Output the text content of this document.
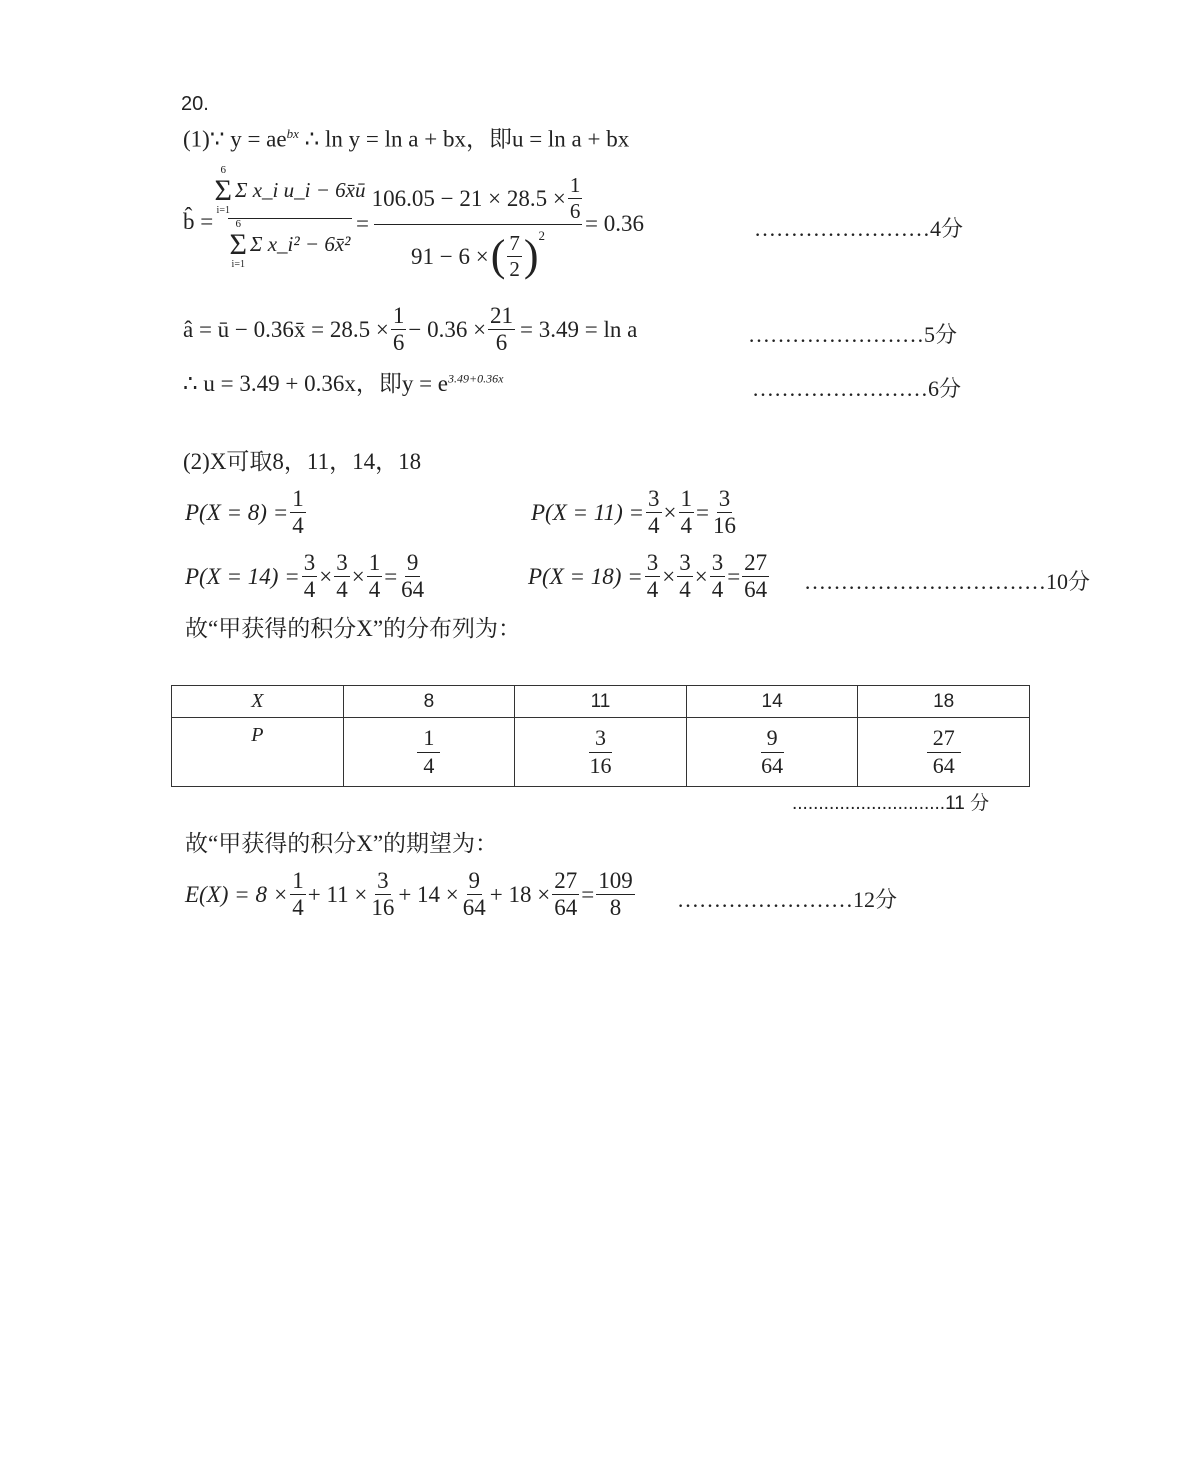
20.
(1)∵ $y = ae^{bx}$ ∴ ln y = ln a + bx，即u = ln a + bx
b̂ =
6
Σ
i=1
Σ x_i u_i − 6x̄ū
6
Σ
i=1
Σ x_i² − 6x̄²
=
$106.05 - 21 \times 28.5 \times \frac{1}{6}$
91 − 6 × ( $\frac{7}{2} )^2 = 0.36$	……………………4分
â = ū − 0.36x̄ = $28.5 \times \frac{1}{6} - 0.36 \times \frac{21}{6} = 3.49 = \ln a$	……………………5分
∴ u = 3.49 + 0.36x，即$y = e^{3.49+0.36x}$	……………………6分
(2)X可取8，11，14，18
$P(X = 8) = \frac{1}{4}$	$P(X = 11) = \frac{3}{4} \times \frac{1}{4} = \frac{3}{16}$
$P(X = 14) = \frac{3}{4} \times \frac{3}{4} \times \frac{1}{4} = \frac{9}{64}$	$P(X = 18) = \frac{3}{4} \times \frac{3}{4} \times \frac{3}{4} = \frac{27}{64}$ ……………………………10分
故“甲获得的积分X”的分布列为：
X	8	11	14	18
P	$\frac{1}{4}$	$\frac{3}{16}$	$\frac{9}{64}$	$\frac{27}{64}$
.............................11 分
故“甲获得的积分X”的期望为：
$E(X) = 8 \times \frac{1}{4} + 11 \times \frac{3}{16} + 14 \times \frac{9}{64} + 18 \times \frac{27}{64} = \frac{109}{8}$ ……………………12分
